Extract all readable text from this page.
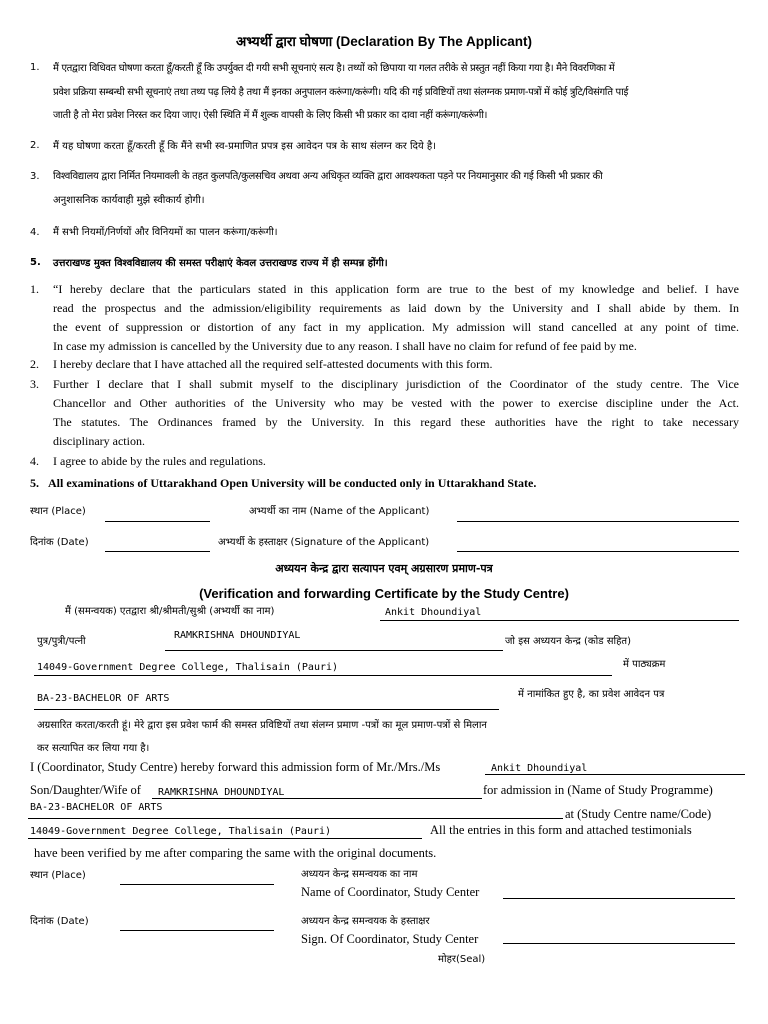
अभ्यर्थी द्वारा घोषणा (Declaration By The Applicant)
1. मैं एतद्वारा विधिवत घोषणा करता हूँ/करती हूँ कि उपर्युक्त दी गयी सभी सूचनाएं सत्य है। तथ्यों को छिपाया या गलत तरीके से प्रस्तुत नहीं किया गया है। मैने विवरणिका में
प्रवेश प्रक्रिया सम्बन्धी सभी सूचनाएं तथा तथ्य पढ़ लिये है तथा मैं इनका अनुपालन करूंगा/करूंगी। यदि की गई प्रविष्टियों तथा संलग्नक प्रमाण-पत्रों में कोई त्रुटि/विसंगति पाई
जाती है तो मेरा प्रवेश निरस्त कर दिया जाए। ऐसी स्थिति में मैं शुल्क वापसी के लिए किसी भी प्रकार का दावा नहीं करूंगा/करूंगी।
2. मैं यह घोषणा करता हूँ/करती हूँ कि मैंने सभी स्व-प्रमाणित प्रपत्र इस आवेदन पत्र के साथ संलग्न कर दिये है।
3. विश्वविद्यालय द्वारा निर्मित नियमावली के तहत कुलपति/कुलसचिव अथवा अन्य अधिकृत व्यक्ति द्वारा आवश्यकता पड़ने पर नियमानुसार की गई किसी भी प्रकार की
अनुशासनिक कार्यवाही मुझे स्वीकार्य होगी।
4. मैं सभी नियमों/निर्णयों और विनियमों का पालन करूंगा/करूंगी।
5. उत्तराखण्ड मुक्त विश्वविद्यालय की समस्त परीक्षाएं केवल उत्तराखण्ड राज्य में ही सम्पन्न होंगी।
1. “I hereby declare that the particulars stated in this application form are true to the best of my knowledge and belief. I have
read the prospectus and the admission/eligibility requirements as laid down by the University and I shall abide by them. In
the event of suppression or distortion of any fact in my application. My admission will stand cancelled at any point of time.
In case my admission is cancelled by the University due to any reason. I shall have no claim for refund of fee paid by me.
2. I hereby declare that I have attached all the required self-attested documents with this form.
3. Further I declare that I shall submit myself to the disciplinary jurisdiction of the Coordinator of the study centre. The Vice
Chancellor and Other authorities of the University who may be vested with the power to exercise discipline under the Act.
The statutes. The Ordinances framed by the University. In this regard these authorities have the right to take necessary
disciplinary action.
4. I agree to abide by the rules and regulations.
5. All examinations of Uttarakhand Open University will be conducted only in Uttarakhand State.
स्थान (Place)	अभ्यर्थी का नाम (Name of the Applicant)
दिनांक (Date)	अभ्यर्थी के हस्ताक्षर (Signature of the Applicant)
अध्ययन केन्द्र द्वारा सत्यापन एवम् अग्रसारण प्रमाण-पत्र
(Verification and forwarding Certificate by the Study Centre)
मैं (समन्वयक) एतद्वारा श्री/श्रीमती/सुश्री (अभ्यर्थी का नाम)	Ankit Dhoundiyal
पुत्र/पुत्री/पत्नी
RAMKRISHNA DHOUNDIYAL
जो इस अध्ययन केन्द्र (कोड सहित)
14049-Government Degree College, Thalisain (Pauri)	में पाठ्यक्रम
BA-23-BACHELOR OF ARTS	में नामांकित हुए है, का प्रवेश आवेदन पत्र
अग्रसारित करता/करती हूं। मेरे द्वारा इस प्रवेश फार्म की समस्त प्रविष्टियों तथा संलग्न प्रमाण -पत्रों का मूल प्रमाण-पत्रों से मिलान
कर सत्यापित कर लिया गया है।
I (Coordinator, Study Centre) hereby forward this admission form of Mr./Mrs./Ms	Ankit Dhoundiyal
Son/Daughter/Wife of RAMKRISHNA DHOUNDIYAL	for admission in (Name of Study Programme)
BA-23-BACHELOR OF ARTS	at (Study Centre name/Code)
14049-Government Degree College, Thalisain (Pauri)	All the entries in this form and attached testimonials
have been verified by me after comparing the same with the original documents.
स्थान (Place)	अध्ययन केन्द्र समन्वयक का नाम
Name of Coordinator, Study Center
दिनांक (Date)	अध्ययन केन्द्र समन्वयक के हस्ताक्षर
Sign. Of Coordinator, Study Center
मोहर(Seal)
